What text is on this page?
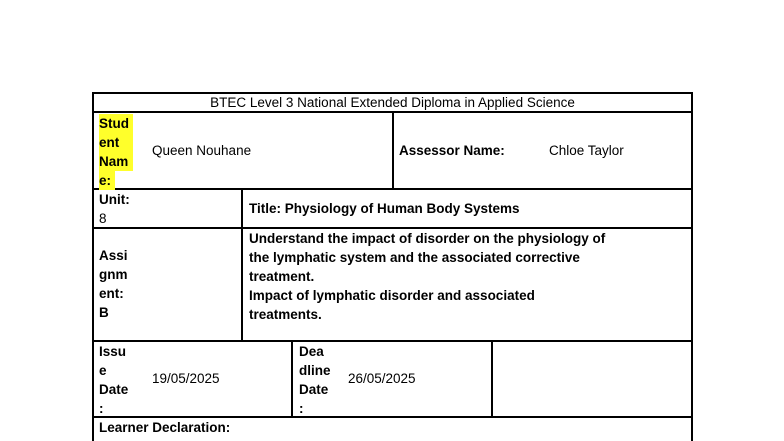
BTEC Level 3 National Extended Diploma in Applied Science
Stud
ent
Nam
e:
Queen Nouhane	Assessor Name:	Chloe Taylor
Unit:
8
Title: Physiology of Human Body Systems
Assi
gnm
ent:
B
Understand the impact of disorder on the physiology of
the lymphatic system and the associated corrective
treatment.
Impact of lymphatic disorder and associated
treatments.
Issu
e
Date
:
19/05/2025
Dea
dline
Date
:
26/05/2025
Learner Declaration:
